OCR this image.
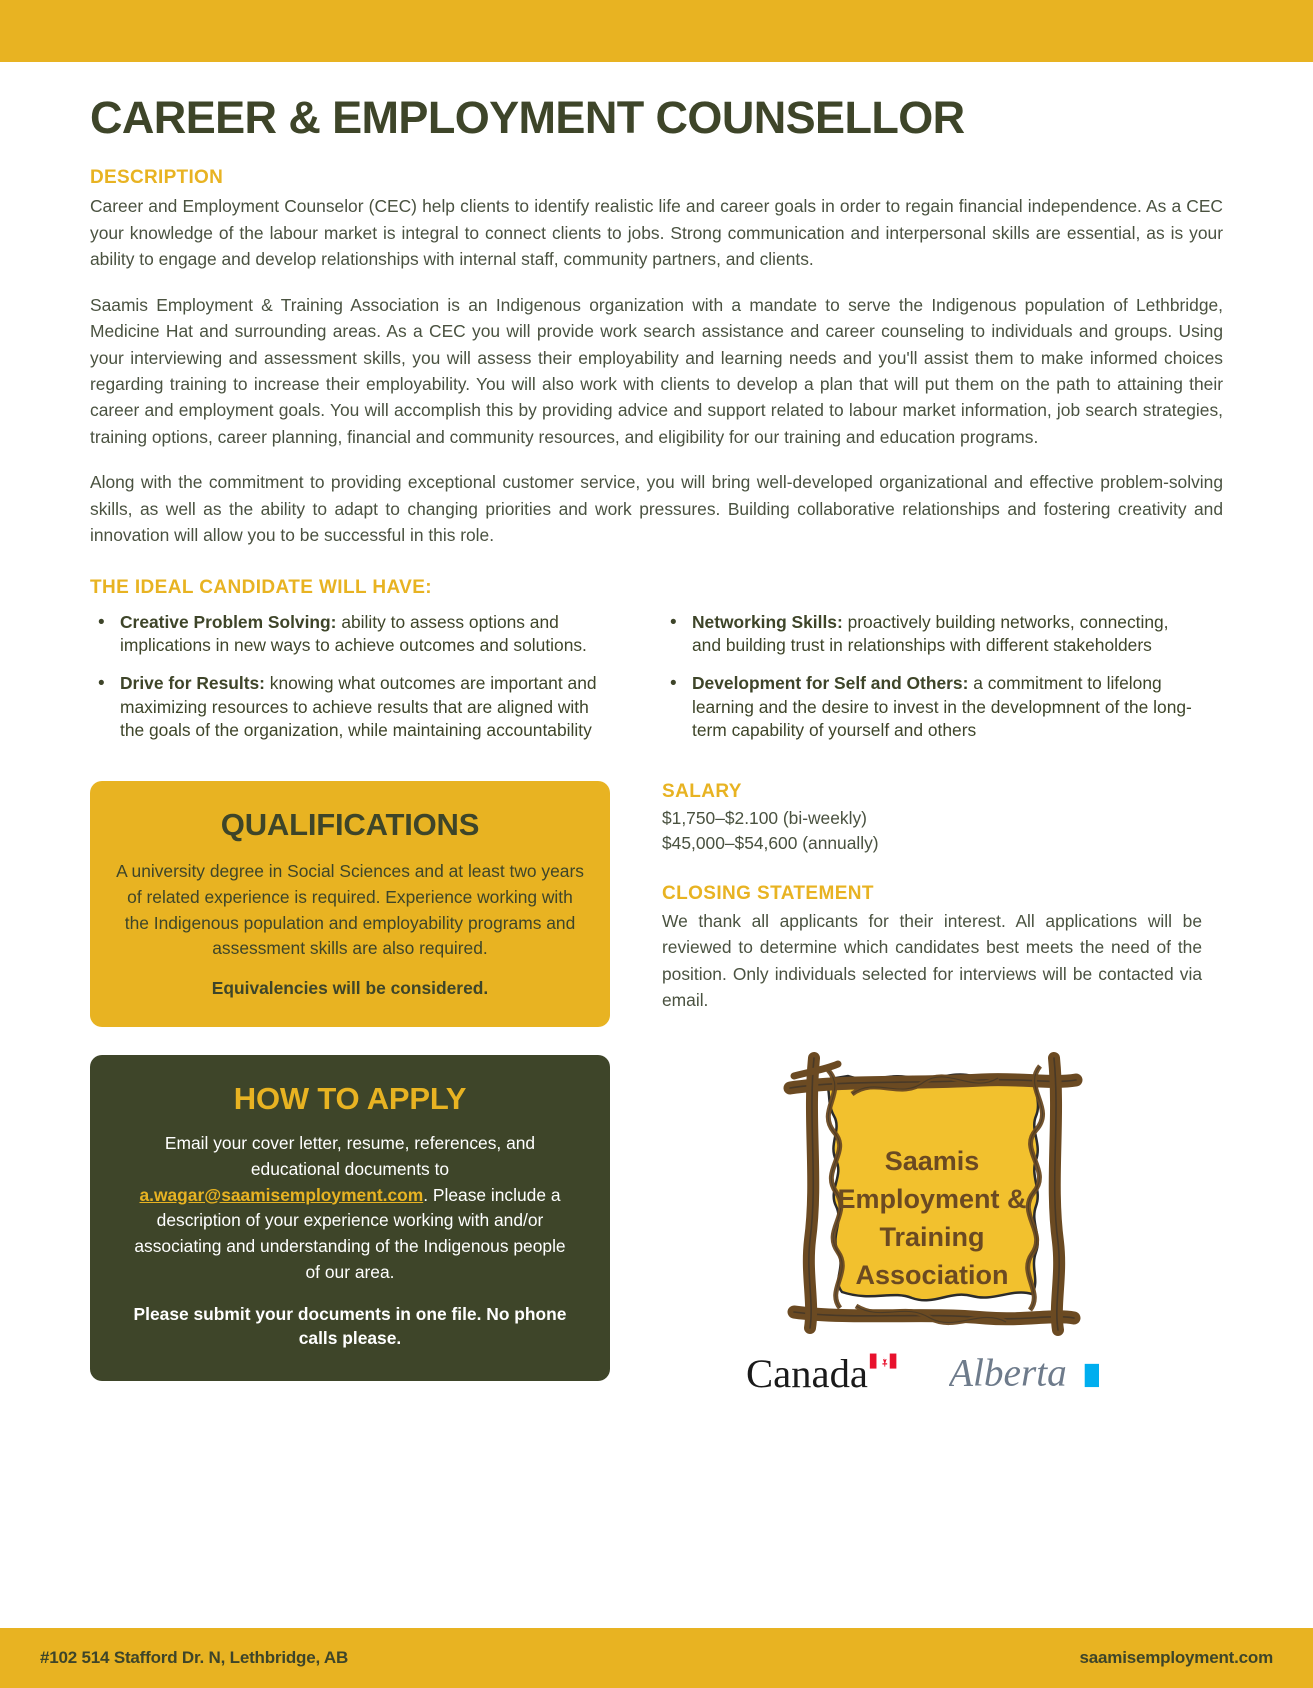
CAREER & EMPLOYMENT COUNSELLOR
DESCRIPTION

Career and Employment Counselor (CEC) help clients to identify realistic life and career goals in order to regain financial independence. As a CEC your knowledge of the labour market is integral to connect clients to jobs. Strong communication and interpersonal skills are essential, as is your ability to engage and develop relationships with internal staff, community partners, and clients.

Saamis Employment & Training Association is an Indigenous organization with a mandate to serve the Indigenous population of Lethbridge, Medicine Hat and surrounding areas. As a CEC you will provide work search assistance and career counseling to individuals and groups. Using your interviewing and assessment skills, you will assess their employability and learning needs and you'll assist them to make informed choices regarding training to increase their employability. You will also work with clients to develop a plan that will put them on the path to attaining their career and employment goals. You will accomplish this by providing advice and support related to labour market information, job search strategies, training options, career planning, financial and community resources, and eligibility for our training and education programs.

Along with the commitment to providing exceptional customer service, you will bring well-developed organizational and effective problem-solving skills, as well as the ability to adapt to changing priorities and work pressures. Building collaborative relationships and fostering creativity and innovation will allow you to be successful in this role.

THE IDEAL CANDIDATE WILL HAVE:
• Creative Problem Solving: ability to assess options and implications in new ways to achieve outcomes and solutions.
• Drive for Results: knowing what outcomes are important and maximizing resources to achieve results that are aligned with the goals of the organization, while maintaining accountability
• Networking Skills: proactively building networks, connecting, and building trust in relationships with different stakeholders
• Development for Self and Others: a commitment to lifelong learning and the desire to invest in the developmnent of the long-term capability of yourself and others
QUALIFICATIONS
A university degree in Social Sciences and at least two years of related experience is required. Experience working with the Indigenous population and employability programs and assessment skills are also required.
Equivalencies will be considered.
HOW TO APPLY
Email your cover letter, resume, references, and educational documents to a.wagar@saamisemployment.com. Please include a description of your experience working with and/or associating and understanding of the Indigenous people of our area.
Please submit your documents in one file. No phone calls please.
SALARY
$1,750–$2.100 (bi-weekly)
$45,000–$54,600 (annually)
CLOSING STATEMENT
We thank all applicants for their interest. All applications will be reviewed to determine which candidates best meets the need of the position. Only individuals selected for interviews will be contacted via email.
Saamis
Employment &
Training
Association
Canada Alberta
#102 514 Stafford Dr. N, Lethbridge, AB	saamisemployment.com
